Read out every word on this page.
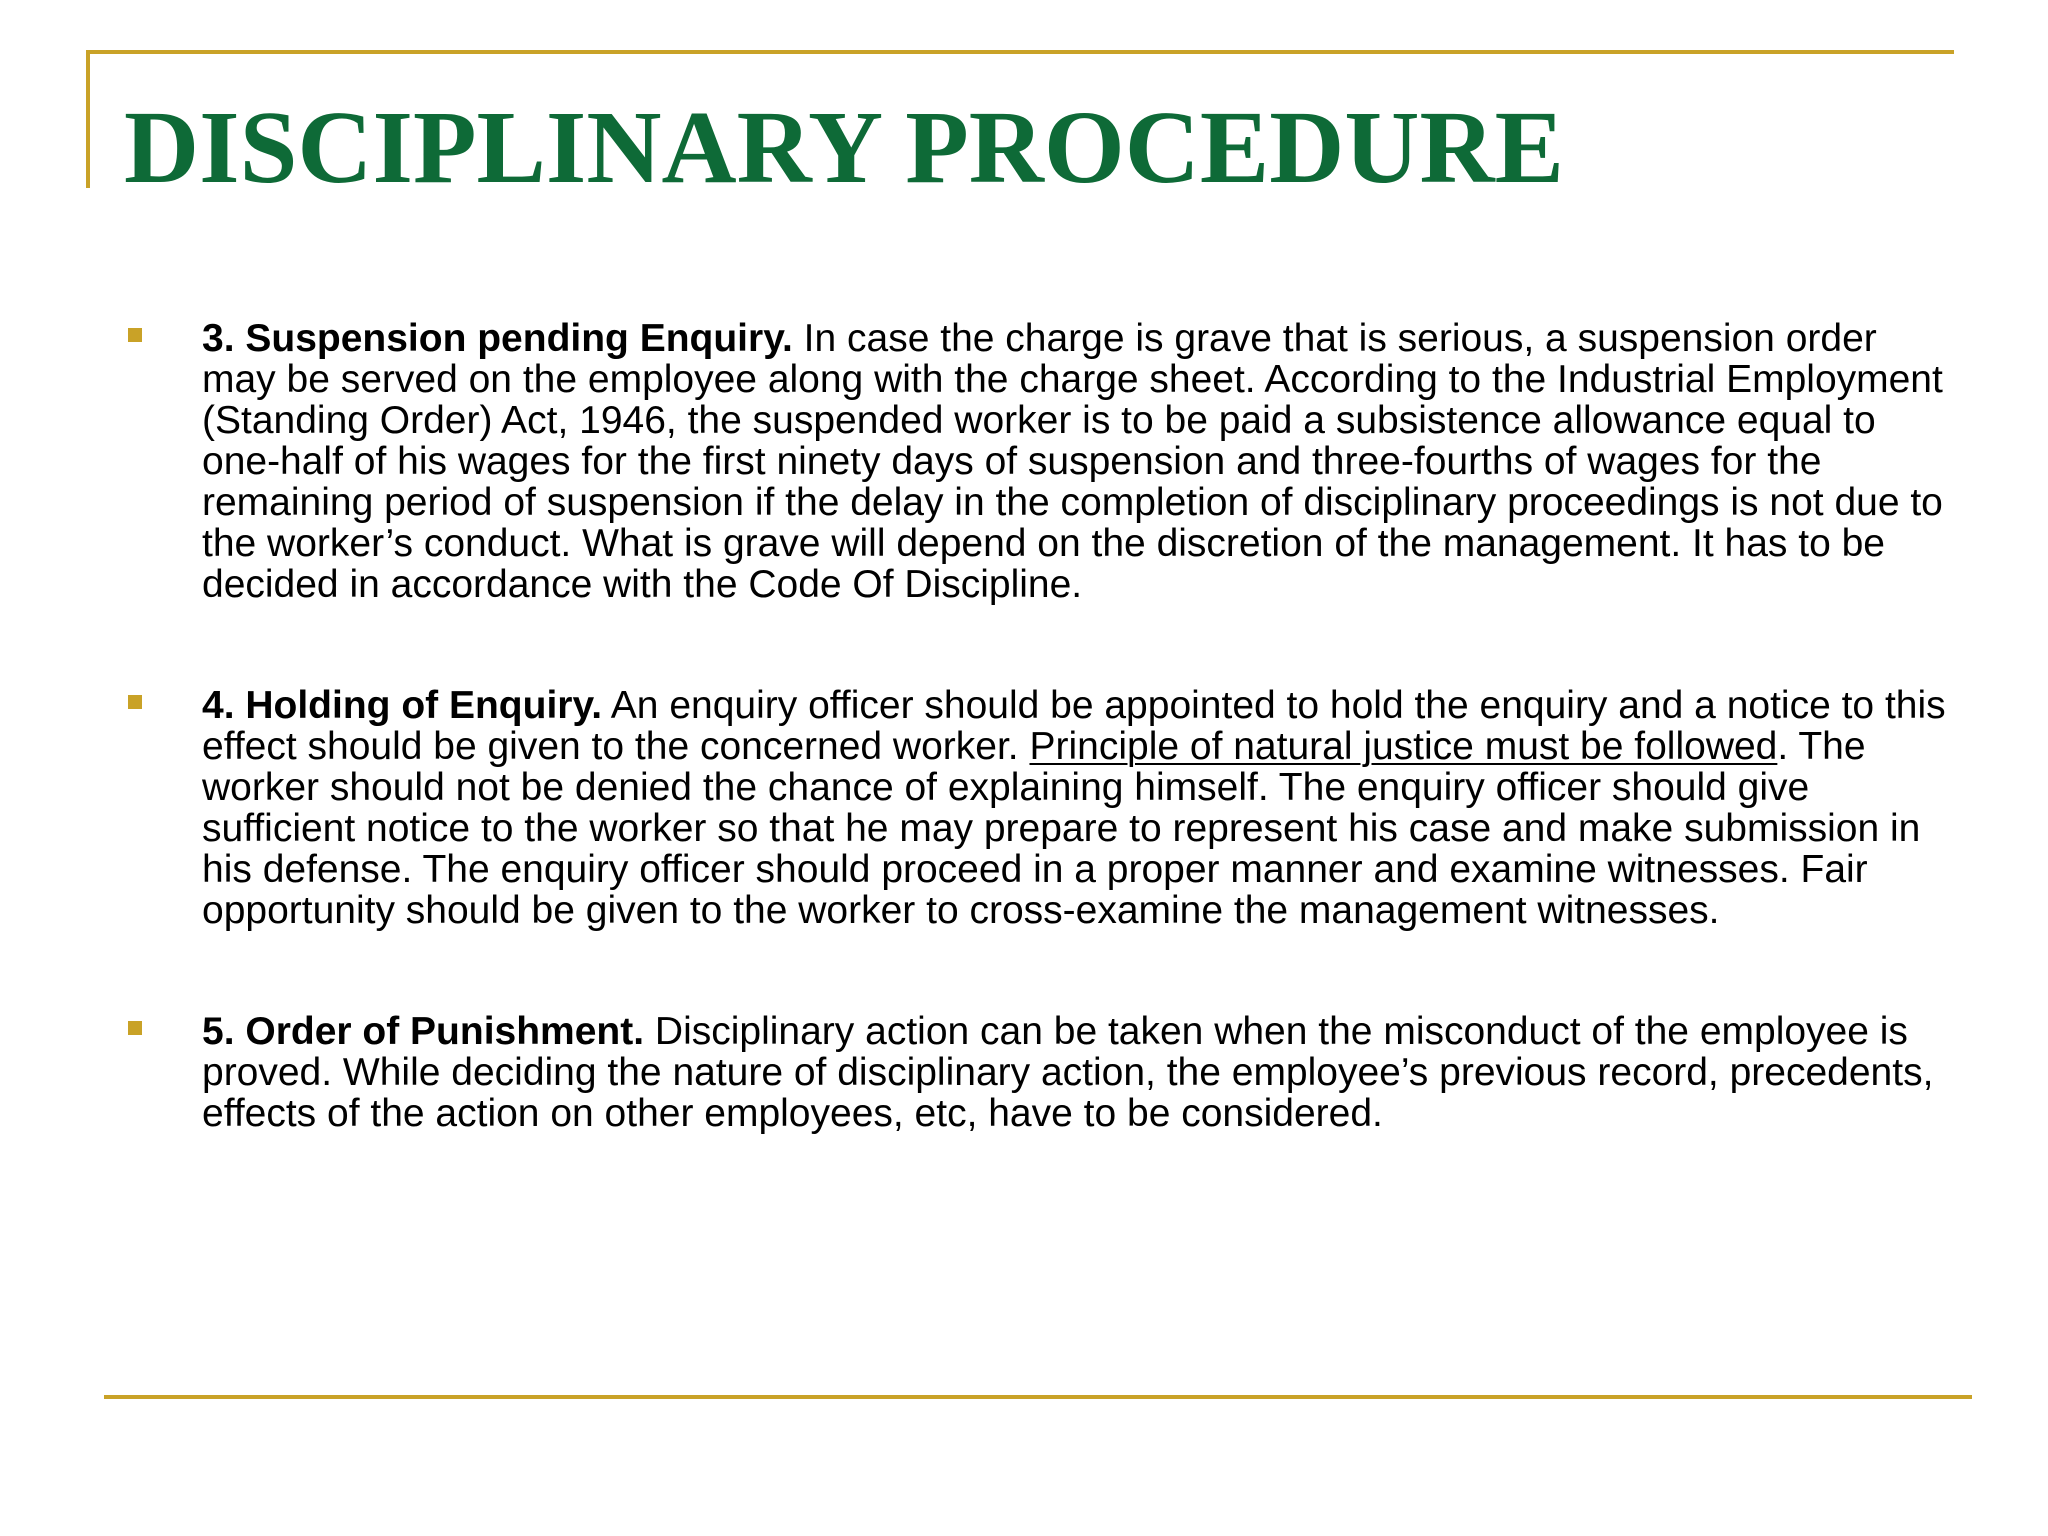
DISCIPLINARY PROCEDURE

3. Suspension pending Enquiry. In case the charge is grave that is serious, a suspension order may be served on the employee along with the charge sheet. According to the Industrial Employment (Standing Order) Act, 1946, the suspended worker is to be paid a subsistence allowance equal to one-half of his wages for the first ninety days of suspension and three-fourths of wages for the remaining period of suspension if the delay in the completion of disciplinary proceedings is not due to the worker’s conduct. What is grave will depend on the discretion of the management. It has to be decided in accordance with the Code Of Discipline.

4. Holding of Enquiry. An enquiry officer should be appointed to hold the enquiry and a notice to this effect should be given to the concerned worker. Principle of natural justice must be followed. The worker should not be denied the chance of explaining himself. The enquiry officer should give sufficient notice to the worker so that he may prepare to represent his case and make submission in his defense. The enquiry officer should proceed in a proper manner and examine witnesses. Fair opportunity should be given to the worker to cross-examine the management witnesses.

5. Order of Punishment. Disciplinary action can be taken when the misconduct of the employee is proved. While deciding the nature of disciplinary action, the employee’s previous record, precedents, effects of the action on other employees, etc, have to be considered.
